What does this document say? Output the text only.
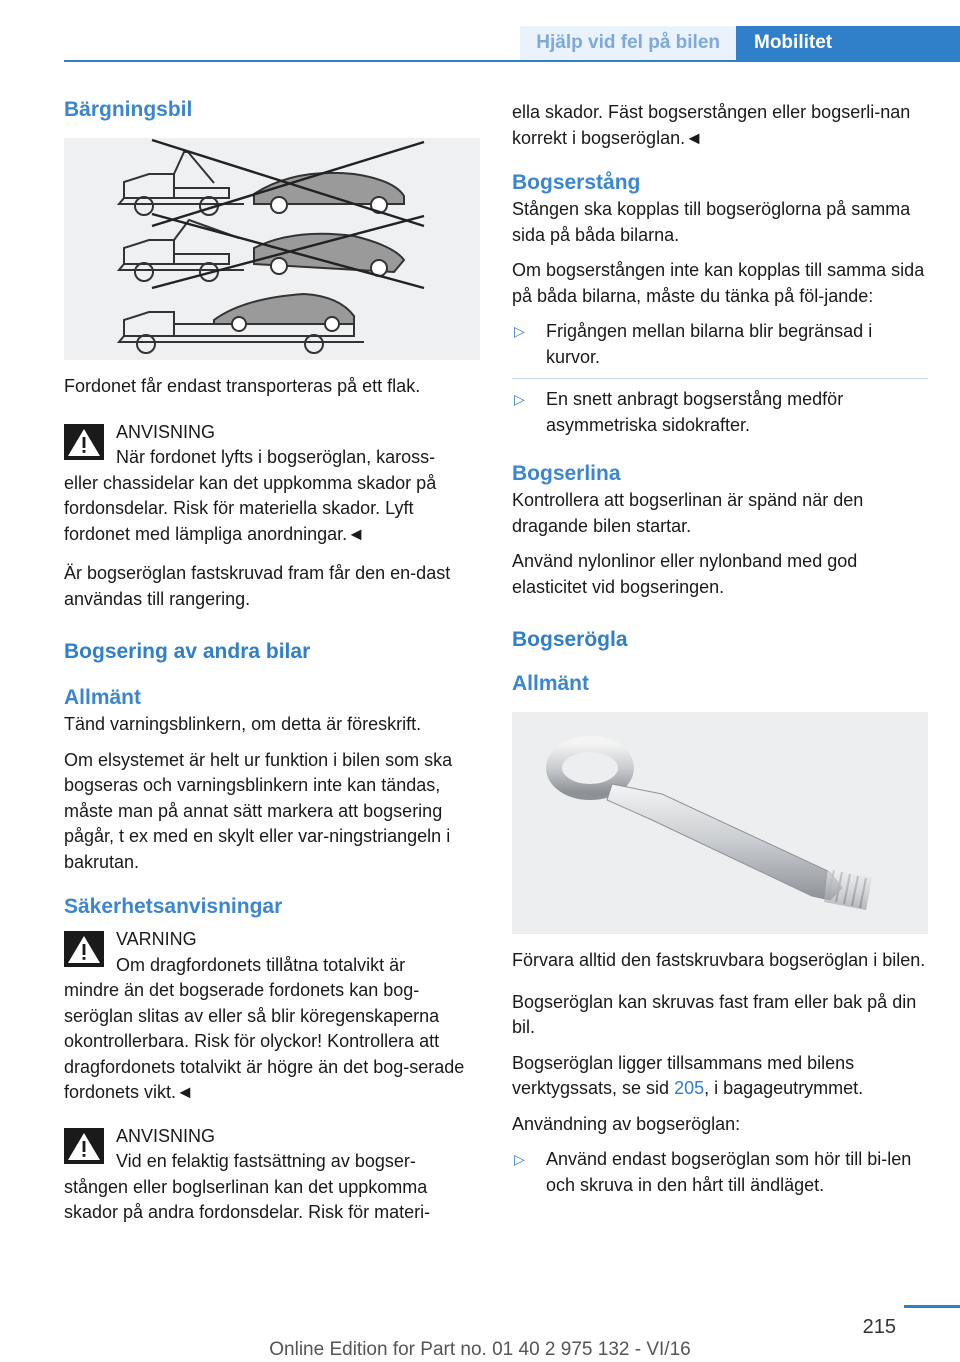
Hjälp vid fel på bilen	Mobilitet
Bärgningsbil

Fordonet får endast transporteras på ett flak.

ANVISNING
När fordonet lyfts i bogseröglan, kaross-
eller chassidelar kan det uppkomma skador på fordonsdelar. Risk för materiella skador. Lyft fordonet med lämpliga anordningar.◄

Är bogseröglan fastskruvad fram får den en-dast användas till rangering.

Bogsering av andra bilar
Allmänt

Tänd varningsblinkern, om detta är föreskrift.

Om elsystemet är helt ur funktion i bilen som ska bogseras och varningsblinkern inte kan tändas, måste man på annat sätt markera att bogsering pågår, t ex med en skylt eller var-ningstriangeln i bakrutan.

Säkerhetsanvisningar
VARNING
Om dragfordonets tillåtna totalvikt är
mindre än det bogserade fordonets kan bog-seröglan slitas av eller så blir köregenskaperna okontrollerbara. Risk för olyckor! Kontrollera att dragfordonets totalvikt är högre än det bog-serade fordonets vikt.◄
ANVISNING
Vid en felaktig fastsättning av bogser-
stången eller boglserlinan kan det uppkomma skador på andra fordonsdelar. Risk för materi-

ella skador. Fäst bogserstången eller bogserli-nan korrekt i bogseröglan.◄

Bogserstång

Stången ska kopplas till bogseröglorna på samma sida på båda bilarna.

Om bogserstången inte kan kopplas till samma sida på båda bilarna, måste du tänka på föl-jande:

▷ Frigången mellan bilarna blir begränsad i kurvor.
▷ En snett anbragt bogserstång medför asymmetriska sidokrafter.
Bogserlina

Kontrollera att bogserlinan är spänd när den dragande bilen startar.

Använd nylonlinor eller nylonband med god elasticitet vid bogseringen.

Bogserögla
Allmänt

Förvara alltid den fastskruvbara bogseröglan i bilen.

Bogseröglan kan skruvas fast fram eller bak på din bil.

Bogseröglan ligger tillsammans med bilens verktygssats, se sid 205, i bagageutrymmet.

Användning av bogseröglan:

▷ Använd endast bogseröglan som hör till bi-len och skruva in den hårt till ändläget.
215
Online Edition for Part no. 01 40 2 975 132 - VI/16
